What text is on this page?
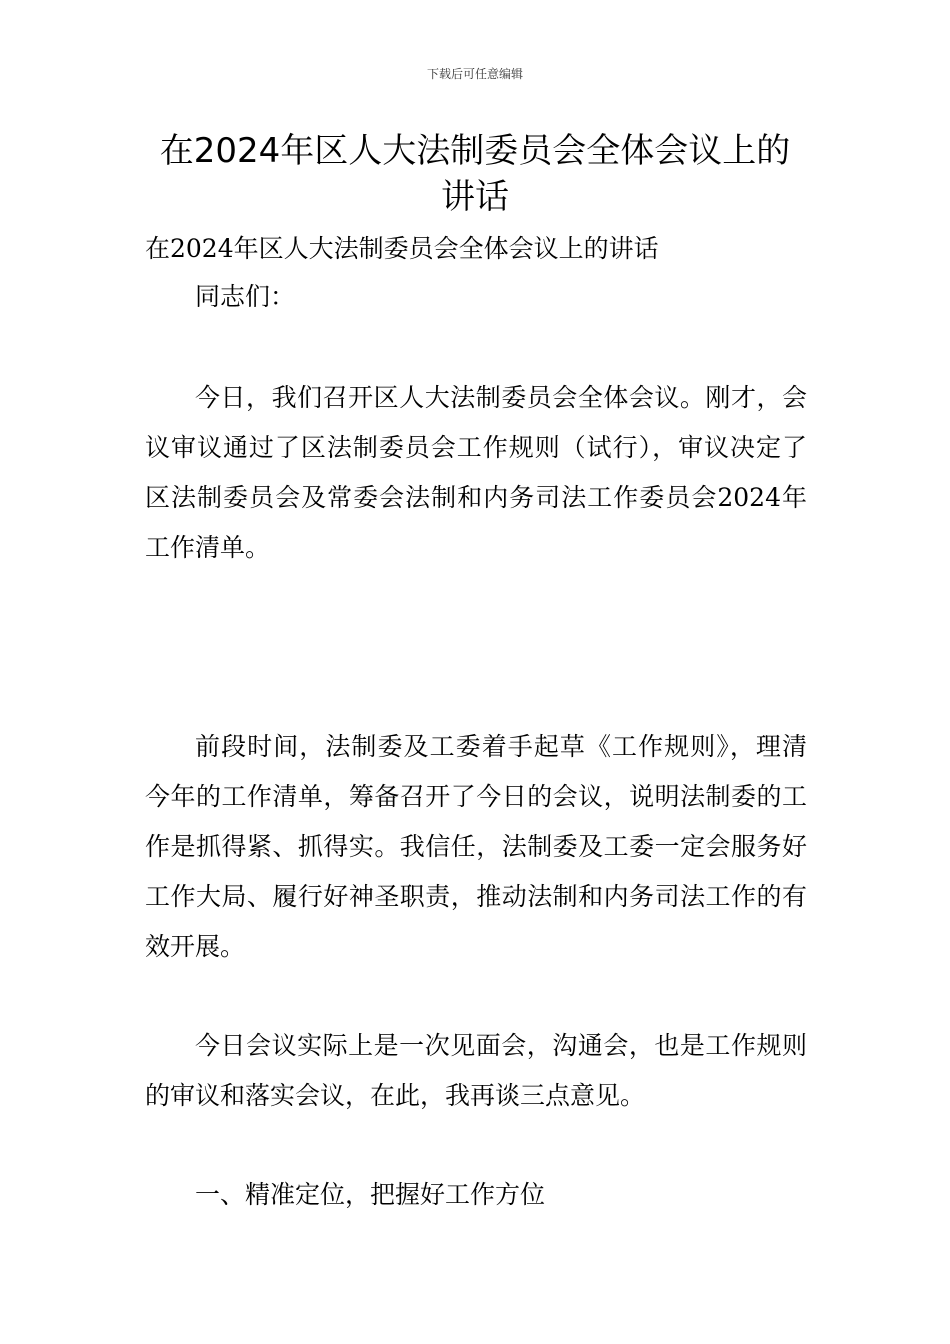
下载后可任意编辑
在2024年区人大法制委员会全体会议上的讲话

在2024年区人大法制委员会全体会议上的讲话

同志们：

今日，我们召开区人大法制委员会全体会议。刚才，会议审议通过了区法制委员会工作规则（试行），审议决定了区法制委员会及常委会法制和内务司法工作委员会2024年工作清单。

前段时间，法制委及工委着手起草《工作规则》，理清今年的工作清单，筹备召开了今日的会议，说明法制委的工作是抓得紧、抓得实。我信任，法制委及工委一定会服务好工作大局、履行好神圣职责，推动法制和内务司法工作的有效开展。

今日会议实际上是一次见面会，沟通会，也是工作规则的审议和落实会议，在此，我再谈三点意见。

一、精准定位，把握好工作方位
